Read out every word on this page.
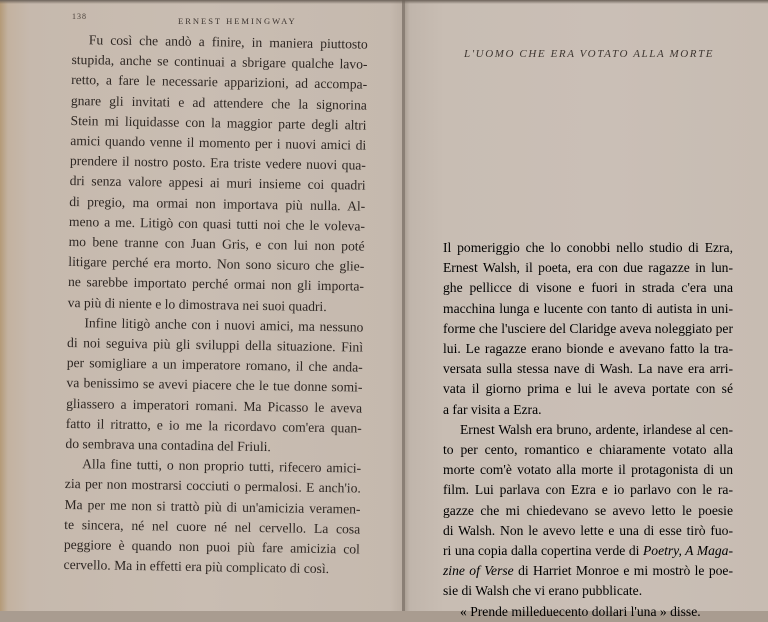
138	ERNEST HEMINGWAY

Fu così che andò a finire, in maniera piuttosto
stupida, anche se continuai a sbrigare qualche lavo-
retto, a fare le necessarie apparizioni, ad accompa-
gnare gli invitati e ad attendere che la signorina
Stein mi liquidasse con la maggior parte degli altri
amici quando venne il momento per i nuovi amici di
prendere il nostro posto. Era triste vedere nuovi qua-
dri senza valore appesi ai muri insieme coi quadri
di pregio, ma ormai non importava più nulla. Al-
meno a me. Litigò con quasi tutti noi che le voleva-
mo bene tranne con Juan Gris, e con lui non poté
litigare perché era morto. Non sono sicuro che glie-
ne sarebbe importato perché ormai non gli importa-
va più di niente e lo dimostrava nei suoi quadri.

Infine litigò anche con i nuovi amici, ma nessuno
di noi seguiva più gli sviluppi della situazione. Finì
per somigliare a un imperatore romano, il che anda-
va benissimo se avevi piacere che le tue donne somi-
gliassero a imperatori romani. Ma Picasso le aveva
fatto il ritratto, e io me la ricordavo com'era quan-
do sembrava una contadina del Friuli.

Alla fine tutti, o non proprio tutti, rifecero amici-
zia per non mostrarsi cocciuti o permalosi. E anch'io.
Ma per me non si trattò più di un'amicizia veramen-
te sincera, né nel cuore né nel cervello. La cosa
peggiore è quando non puoi più fare amicizia col
cervello. Ma in effetti era più complicato di così.

L'UOMO CHE ERA VOTATO ALLA MORTE

Il pomeriggio che lo conobbi nello studio di Ezra,
Ernest Walsh, il poeta, era con due ragazze in lun-
ghe pellicce di visone e fuori in strada c'era una
macchina lunga e lucente con tanto di autista in uni-
forme che l'usciere del Claridge aveva noleggiato per
lui. Le ragazze erano bionde e avevano fatto la tra-
versata sulla stessa nave di Wash. La nave era arri-
vata il giorno prima e lui le aveva portate con sé
a far visita a Ezra.

Ernest Walsh era bruno, ardente, irlandese al cen-
to per cento, romantico e chiaramente votato alla
morte com'è votato alla morte il protagonista di un
film. Lui parlava con Ezra e io parlavo con le ra-
gazze che mi chiedevano se avevo letto le poesie
di Walsh. Non le avevo lette e una di esse tirò fuo-
ri una copia dalla copertina verde di Poetry, A Maga-
zine of Verse di Harriet Monroe e mi mostrò le poe-
sie di Walsh che vi erano pubblicate.

« Prende milleduecento dollari l'una » disse.
